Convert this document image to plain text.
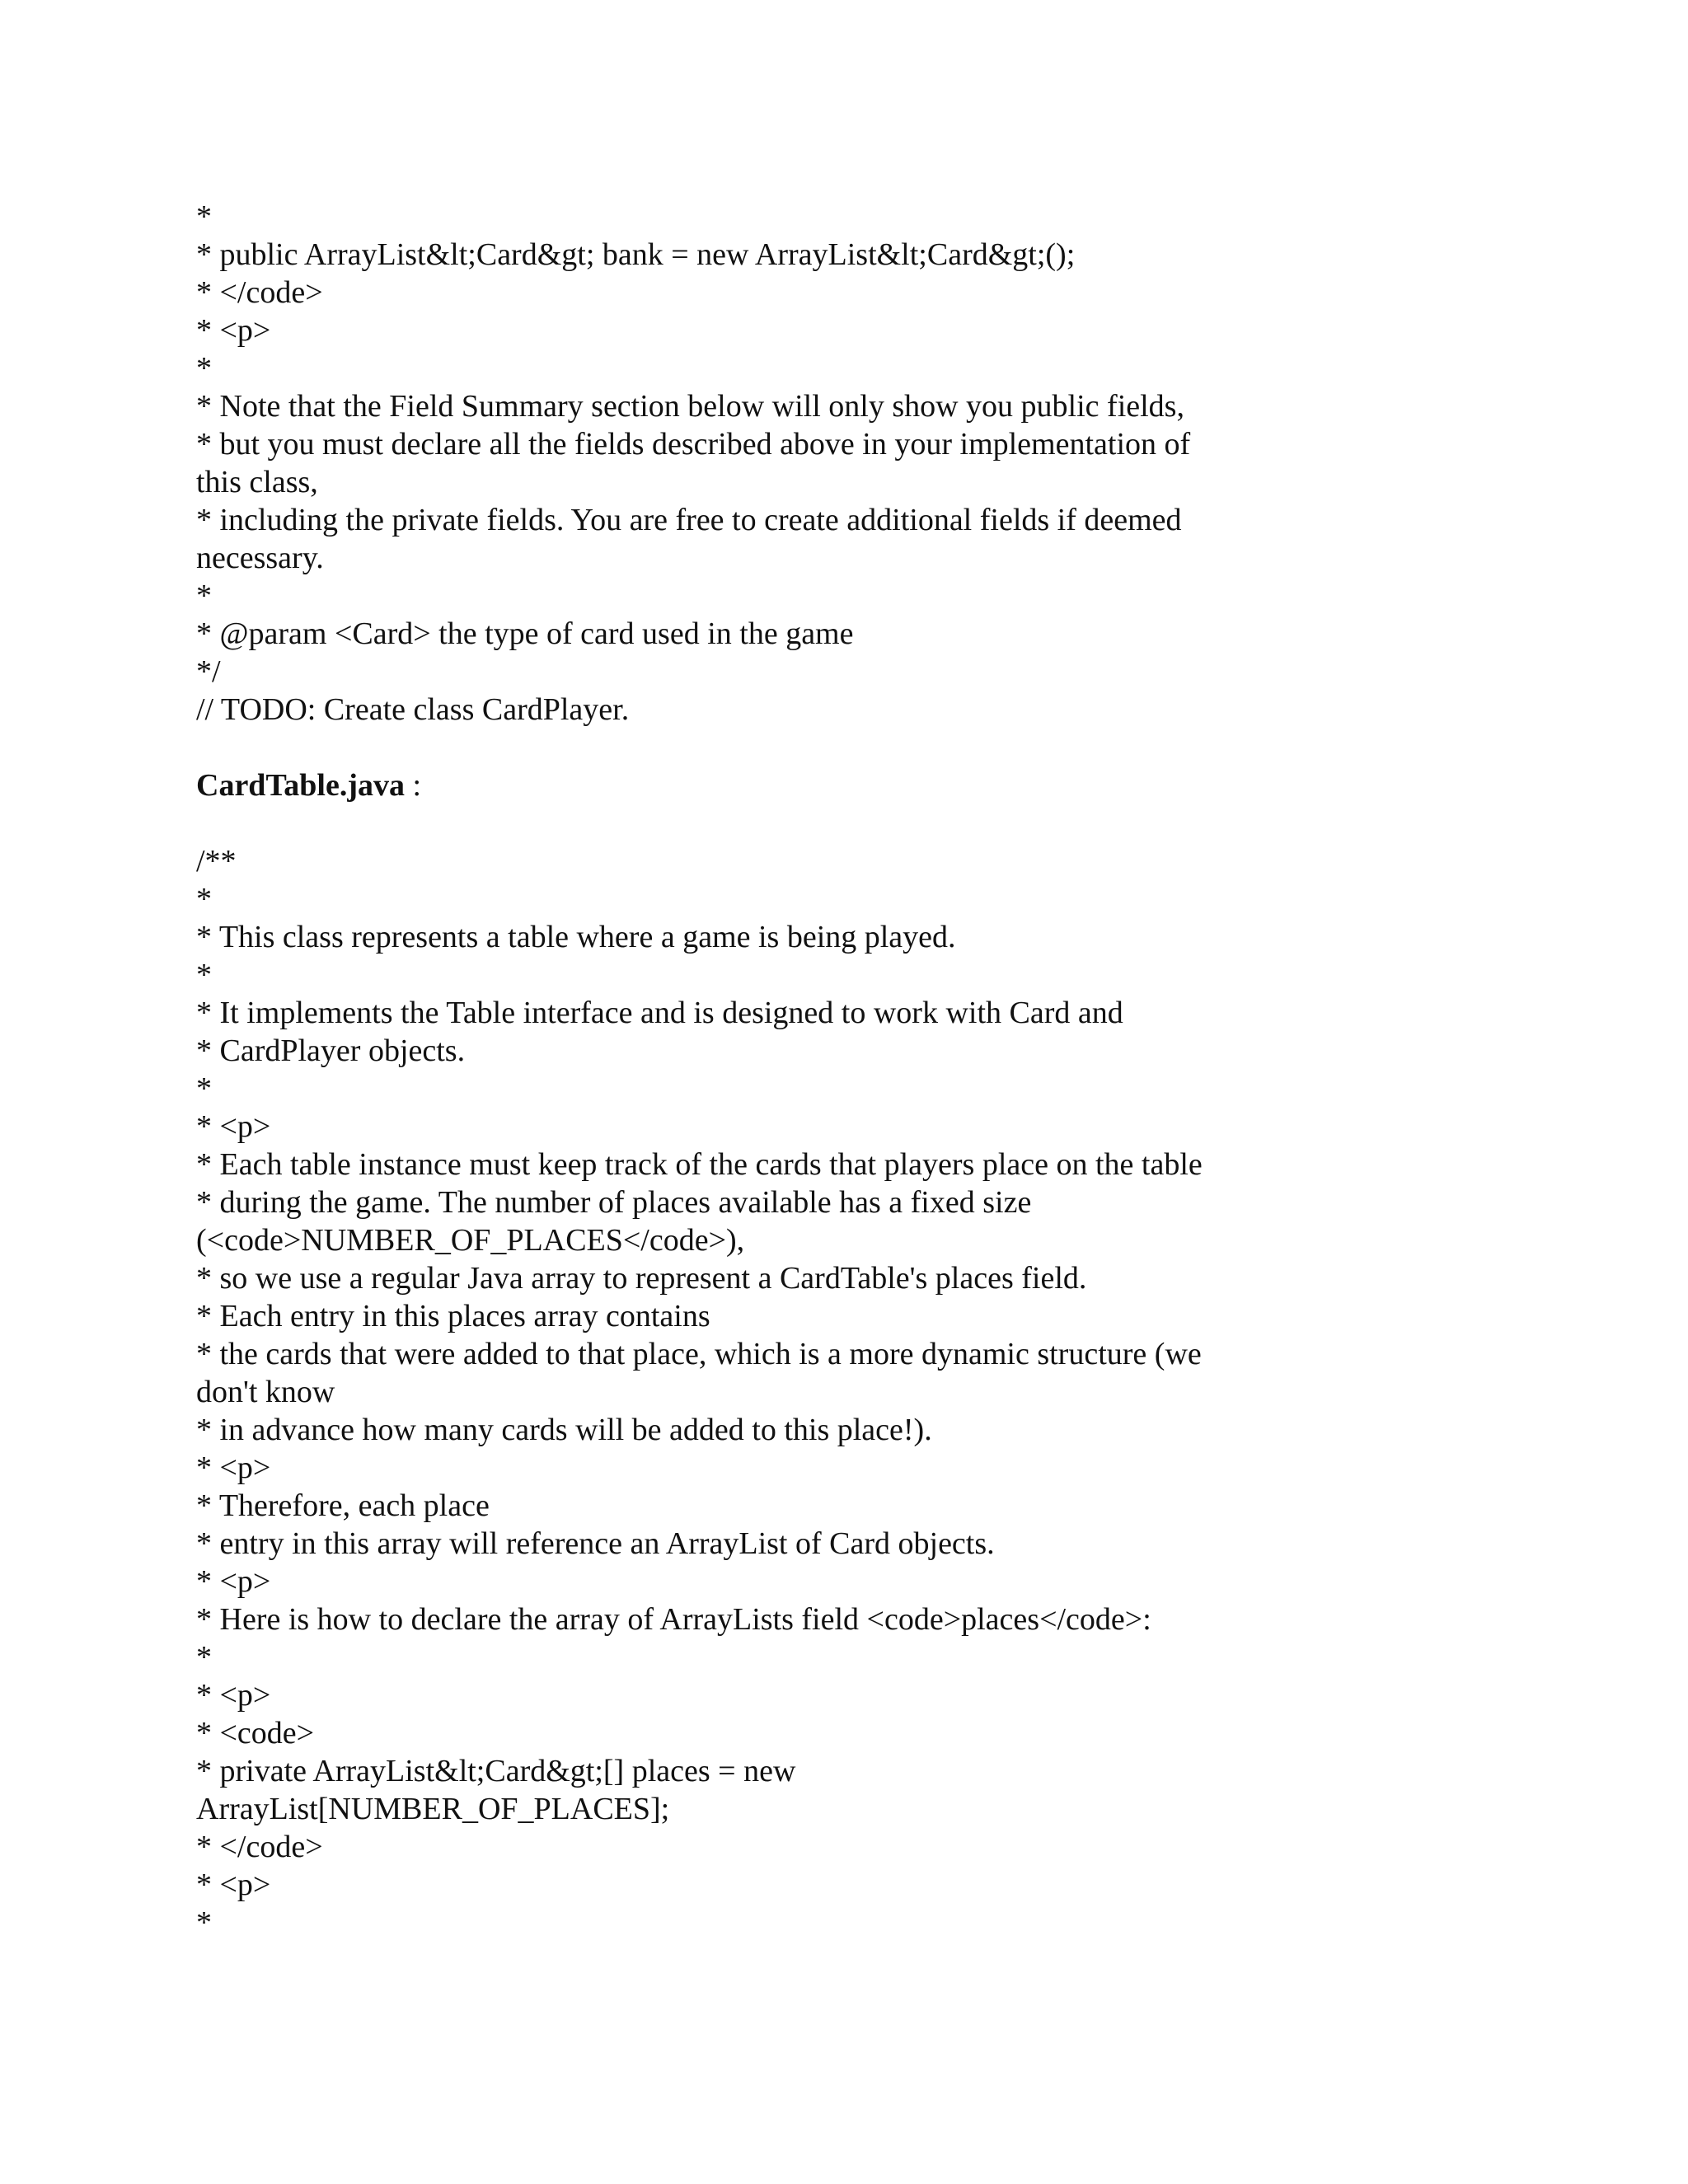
*
* public ArrayList&lt;Card&gt; bank = new ArrayList&lt;Card&gt;();
* </code>
* <p>
*
* Note that the Field Summary section below will only show you public fields,
* but you must declare all the fields described above in your implementation of
this class,
* including the private fields. You are free to create additional fields if deemed
necessary.
*
* @param <Card> the type of card used in the game
*/
// TODO: Create class CardPlayer.
CardTable.java :
/**
*
* This class represents a table where a game is being played.
*
* It implements the Table interface and is designed to work with Card and
* CardPlayer objects.
*
* <p>
* Each table instance must keep track of the cards that players place on the table
* during the game. The number of places available has a fixed size
(<code>NUMBER_OF_PLACES</code>),
* so we use a regular Java array to represent a CardTable's places field.
* Each entry in this places array contains
* the cards that were added to that place, which is a more dynamic structure (we
don't know
* in advance how many cards will be added to this place!).
* <p>
* Therefore, each place
* entry in this array will reference an ArrayList of Card objects.
* <p>
* Here is how to declare the array of ArrayLists field <code>places</code>:
*
* <p>
* <code>
* private ArrayList&lt;Card&gt;[] places = new
ArrayList[NUMBER_OF_PLACES];
* </code>
* <p>
*
